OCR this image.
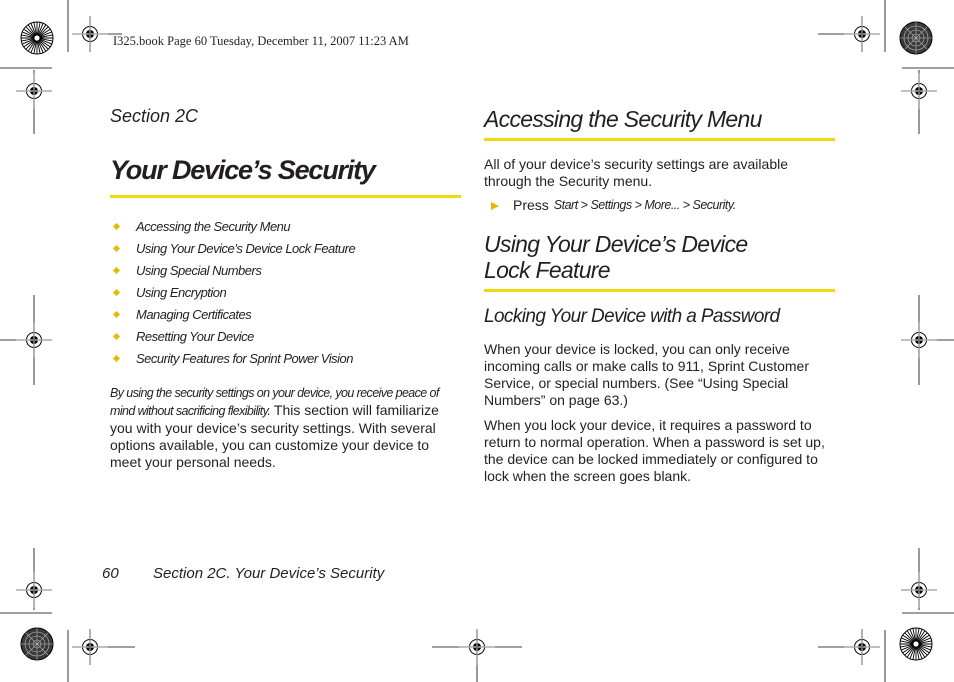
I325.book Page 60 Tuesday, December 11, 2007 11:23 AM
Section 2C
Your Device’s Security
Accessing the Security Menu
Using Your Device’s Device Lock Feature
Using Special Numbers
Using Encryption
Managing Certificates
Resetting Your Device
Security Features for Sprint Power Vision
By using the security settings on your device, you receive peace of mind without sacrificing flexibility. This section will familiarize you with your device’s security settings. With several options available, you can customize your device to meet your personal needs.
Accessing the Security Menu
All of your device’s security settings are available through the Security menu.
Press Start > Settings > More... > Security.
Using Your Device’s Device
Lock Feature
Locking Your Device with a Password
When your device is locked, you can only receive incoming calls or make calls to 911, Sprint Customer Service, or special numbers. (See “Using Special Numbers” on page 63.)
When you lock your device, it requires a password to return to normal operation. When a password is set up, the device can be locked immediately or configured to lock when the screen goes blank.
60 Section 2C. Your Device’s Security
